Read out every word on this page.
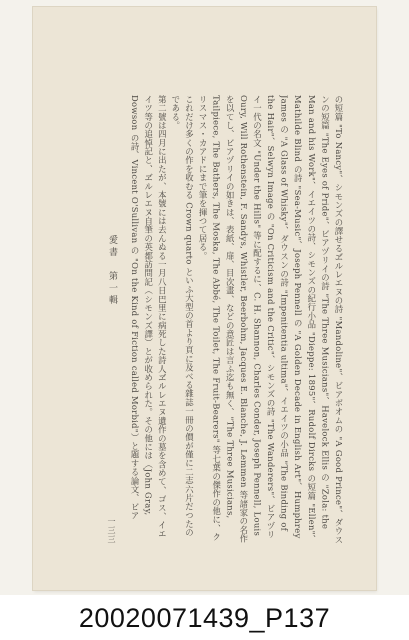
の短篇 "To Nancy"、シモンズの譯せるヹルレエヌの詩 "Mandoline"、ビアボオムの "A Good Prince"、ダウスンの短篇 "The Eyes of Pride"、ビアヅリイの詩 "The Three Musicians"、Havelock Ellis の "Zola: the Man and his Work"、イエイツの詩、シモンズの紀行小品 "Dieppe: 1895"、Rudolf Dircks の短篇 "Ellen"、Mathilde Blind の詩 "Sea-Music"、Joseph Pennell の "A Golden Decade in English Art"、Humphrey James の "A Glass of Whisky"、ダウスンの詩 "Impenitentia ultima"、イエイツの小品 "The Binding of the Hair"、Selwyn Image の "On Criticism and the Critic"、シモンズの詩 "The Wanderers"、ビアヅリイ一代の名文 "Under the Hills" 等に配するに、C. H. Shannon, Charles Conder, Joseph Pennell, Louis Oury, Will Rothenstein, F. Sandys, Whistler, Beerbohm, Jacques E. Blanche, J. Lemmen 等諸家の名作を以てし、ビアヅリイの如きは、表紙、扉、目次畫、などの意匠は言ふ迄も無く、"The Three Musicians, Tailpiece, The Bathers, The Moska, The Abbé, The Toilet, The Fruit-Bearers" 等七葉の傑作の他に、クリスマス・カアドにまで筆を揮つて居る。

これだけ多くの作を收むる Crown quarto といふ大型の首より頁に及べる雜誌一冊の價が僅に二志六片だつたのである。

第二號は四月に出たが、本號には去んぬる一月八日巴里に病死した詩人ヹルレエヌ遺作の墓を含めて、ゴス、イエイツ等の追悼記と、ヹルレエヌ自筆の英都訪問記（シモンズ譯）とが收められた。その他には（John Gray, Dowson の詩、Vincent O'Sullivan の "On the Kind of Fiction called Morbid"）と題する論文、ビア

愛書　第一輯
一三三
20020071439_P137
